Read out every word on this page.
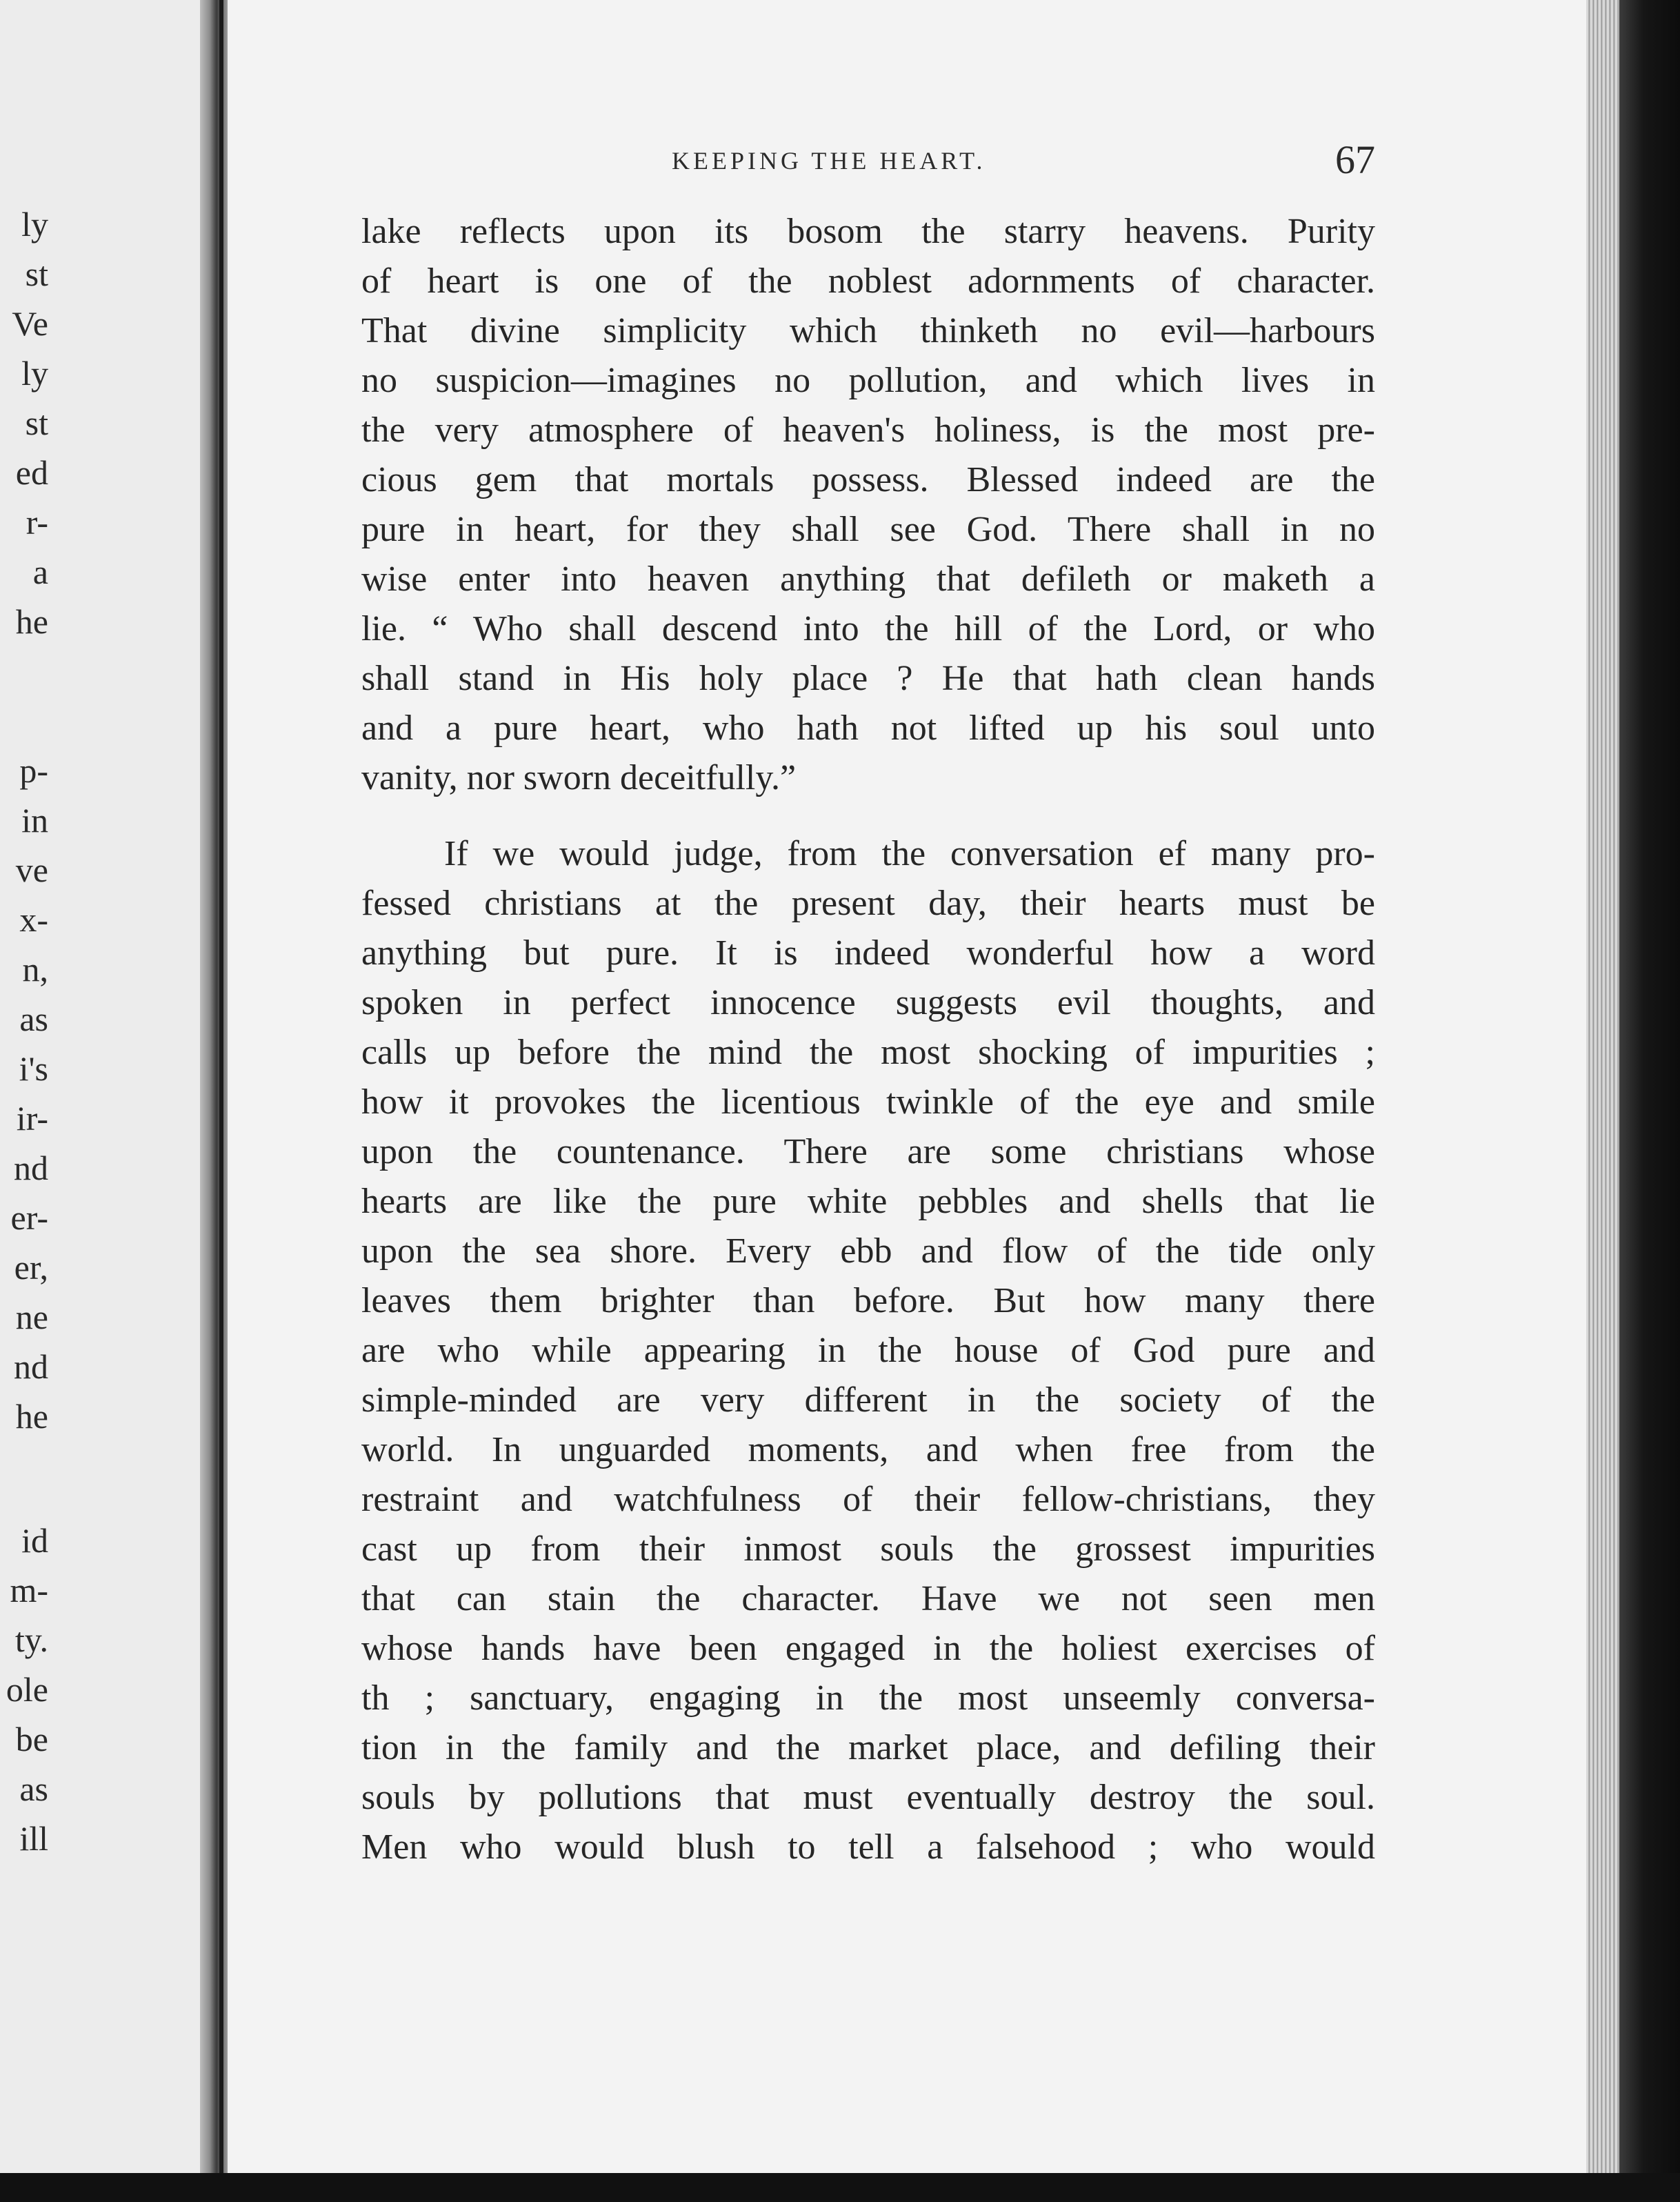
ly
st
Ve
ly
st
ed
r-
a
he
p-
in
ve
x-
n,
as
i's
ir-
nd
er-
er,
ne
nd
he
id
m-
ty.
ole
be
as
ill
KEEPING THE HEART.	67
lake reflects upon its bosom the starry heavens. Purity
of heart is one of the noblest adornments of character.
That divine simplicity which thinketh no evil—harbours
no suspicion—imagines no pollution, and which lives in
the very atmosphere of heaven's holiness, is the most pre-
cious gem that mortals possess. Blessed indeed are the
pure in heart, for they shall see God. There shall in no
wise enter into heaven anything that defileth or maketh a
lie. “ Who shall descend into the hill of the Lord, or who
shall stand in His holy place ? He that hath clean hands
and a pure heart, who hath not lifted up his soul unto
vanity, nor sworn deceitfully.”
If we would judge, from the conversation ef many pro-
fessed christians at the present day, their hearts must be
anything but pure. It is indeed wonderful how a word
spoken in perfect innocence suggests evil thoughts, and
calls up before the mind the most shocking of impurities ;
how it provokes the licentious twinkle of the eye and smile
upon the countenance. There are some christians whose
hearts are like the pure white pebbles and shells that lie
upon the sea shore. Every ebb and flow of the tide only
leaves them brighter than before. But how many there
are who while appearing in the house of God pure and
simple-minded are very different in the society of the
world. In unguarded moments, and when free from the
restraint and watchfulness of their fellow-christians, they
cast up from their inmost souls the grossest impurities
that can stain the character. Have we not seen men
whose hands have been engaged in the holiest exercises of
th ; sanctuary, engaging in the most unseemly conversa-
tion in the family and the market place, and defiling their
souls by pollutions that must eventually destroy the soul.
Men who would blush to tell a falsehood ; who would
